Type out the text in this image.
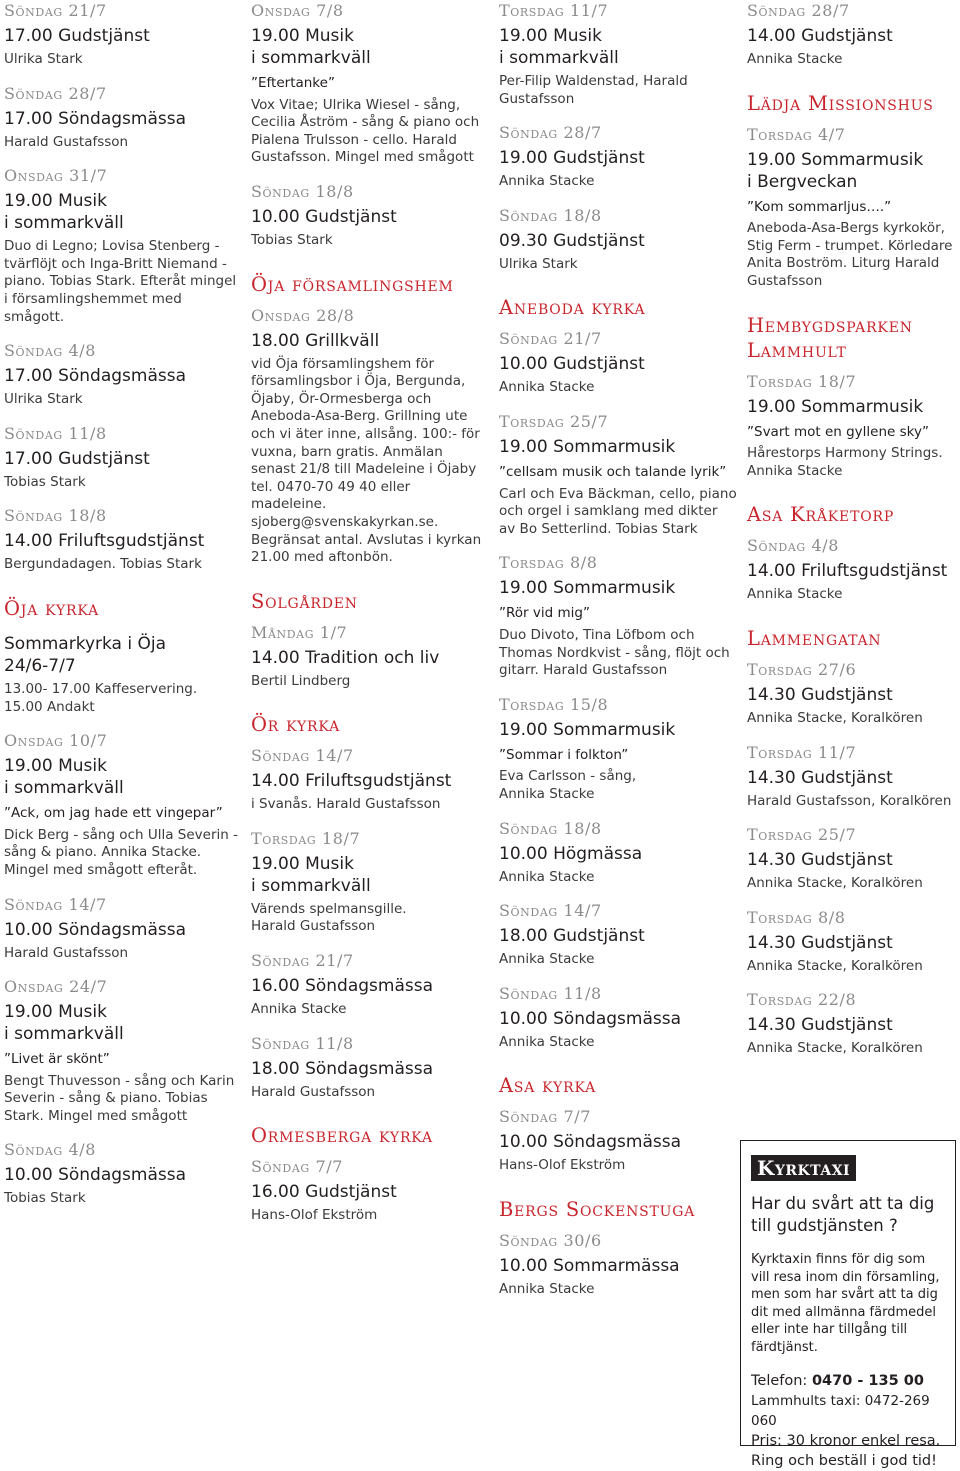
Söndag 21/7
17.00 Gudstjänst
Ulrika Stark
Söndag 28/7
17.00 Söndagsmässa
Harald Gustafsson
Onsdag 31/7
19.00 Musik
i sommarkväll
Duo di Legno; Lovisa Stenberg - tvärflöjt och Inga-Britt Niemand - piano. Tobias Stark. Efteråt mingel i församlingshemmet med smågott.
Söndag 4/8
17.00 Söndagsmässa
Ulrika Stark
Söndag 11/8
17.00 Gudstjänst
Tobias Stark
Söndag 18/8
14.00 Friluftsgudstjänst
Bergundadagen. Tobias Stark
Öja kyrka
Sommarkyrka i Öja
24/6-7/7
13.00- 17.00 Kaffeservering.
15.00 Andakt
Onsdag 10/7
19.00 Musik
i sommarkväll
”Ack, om jag hade ett vingepar”
Dick Berg - sång och Ulla Severin - sång & piano. Annika Stacke. Mingel med smågott efteråt.
Söndag 14/7
10.00 Söndagsmässa
Harald Gustafsson
Onsdag 24/7
19.00 Musik
i sommarkväll
”Livet är skönt”
Bengt Thuvesson - sång och Karin Severin - sång & piano. Tobias Stark. Mingel med smågott
Söndag 4/8
10.00 Söndagsmässa
Tobias Stark
Onsdag 7/8
19.00 Musik
i sommarkväll
”Eftertanke”
Vox Vitae; Ulrika Wiesel - sång, Cecilia Åström - sång & piano och Pialena Trulsson - cello. Harald Gustafsson. Mingel med smågott
Söndag 18/8
10.00 Gudstjänst
Tobias Stark
Öja församlingshem
Onsdag 28/8
18.00 Grillkväll
vid Öja församlingshem för församlingsbor i Öja, Bergunda, Öjaby, Ör-Ormesberga och Aneboda-Asa-Berg. Grillning ute och vi äter inne, allsång. 100:- för vuxna, barn gratis. Anmälan senast 21/8 till Madeleine i Öjaby tel. 0470-70 49 40 eller madeleine. sjoberg@svenskakyrkan.se. Begränsat antal. Avslutas i kyrkan 21.00 med aftonbön.
Solgården
Måndag 1/7
14.00 Tradition och liv
Bertil Lindberg
Ör kyrka
Söndag 14/7
14.00 Friluftsgudstjänst
i Svanås. Harald Gustafsson
Torsdag 18/7
19.00 Musik
i sommarkväll
Värends spelmansgille.
Harald Gustafsson
Söndag 21/7
16.00 Söndagsmässa
Annika Stacke
Söndag 11/8
18.00 Söndagsmässa
Harald Gustafsson
Ormesberga kyrka
Söndag 7/7
16.00 Gudstjänst
Hans-Olof Ekström
Torsdag 11/7
19.00 Musik
i sommarkväll
Per-Filip Waldenstad, Harald Gustafsson
Söndag 28/7
19.00 Gudstjänst
Annika Stacke
Söndag 18/8
09.30 Gudstjänst
Ulrika Stark
Aneboda kyrka
Söndag 21/7
10.00 Gudstjänst
Annika Stacke
Torsdag 25/7
19.00 Sommarmusik
”cellsam musik och talande lyrik”
Carl och Eva Bäckman, cello, piano och orgel i samklang med dikter av Bo Setterlind. Tobias Stark
Torsdag 8/8
19.00 Sommarmusik
”Rör vid mig”
Duo Divoto, Tina Löfbom och Thomas Nordkvist - sång, flöjt och gitarr. Harald Gustafsson
Torsdag 15/8
19.00 Sommarmusik
”Sommar i folkton”
Eva Carlsson - sång,
Annika Stacke
Söndag 18/8
10.00 Högmässa
Annika Stacke
Söndag 14/7
18.00 Gudstjänst
Annika Stacke
Söndag 11/8
10.00 Söndagsmässa
Annika Stacke
Asa kyrka
Söndag 7/7
10.00 Söndagsmässa
Hans-Olof Ekström
Bergs Sockenstuga
Söndag 30/6
10.00 Sommarmässa
Annika Stacke
Söndag 28/7
14.00 Gudstjänst
Annika Stacke
Lädja Missionshus
Torsdag 4/7
19.00 Sommarmusik
i Bergveckan
”Kom sommarljus….”
Aneboda-Asa-Bergs kyrkokör, Stig Ferm - trumpet. Körledare Anita Boström. Liturg Harald Gustafsson
Hembygdsparken Lammhult
Torsdag 18/7
19.00 Sommarmusik
”Svart mot en gyllene sky”
Hårestorps Harmony Strings.
Annika Stacke
Asa Kråketorp
Söndag 4/8
14.00 Friluftsgudstjänst
Annika Stacke
Lammengatan
Torsdag 27/6
14.30 Gudstjänst
Annika Stacke, Koralkören
Torsdag 11/7
14.30 Gudstjänst
Harald Gustafsson, Koralkören
Torsdag 25/7
14.30 Gudstjänst
Annika Stacke, Koralkören
Torsdag 8/8
14.30 Gudstjänst
Annika Stacke, Koralkören
Torsdag 22/8
14.30 Gudstjänst
Annika Stacke, Koralkören
Kyrktaxi
Har du svårt att ta dig till gudstjänsten ?
Kyrktaxin finns för dig som vill resa inom din församling, men som har svårt att ta dig dit med allmänna färdmedel eller inte har tillgång till färdtjänst.
Telefon: 0470 - 135 00
Lammhults taxi: 0472-269 060
Pris: 30 kronor enkel resa.
Ring och beställ i god tid!
